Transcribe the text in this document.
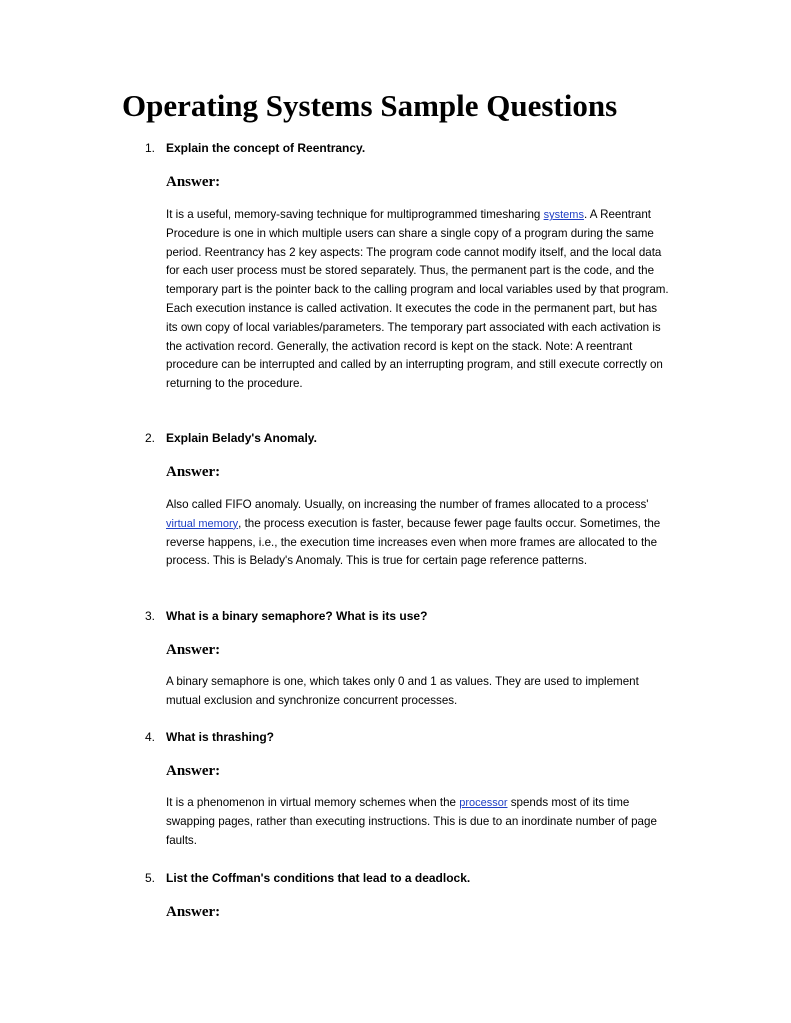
Operating Systems Sample Questions
1. Explain the concept of Reentrancy.
Answer:

It is a useful, memory-saving technique for multiprogrammed timesharing systems. A Reentrant Procedure is one in which multiple users can share a single copy of a program during the same period. Reentrancy has 2 key aspects: The program code cannot modify itself, and the local data for each user process must be stored separately. Thus, the permanent part is the code, and the temporary part is the pointer back to the calling program and local variables used by that program. Each execution instance is called activation. It executes the code in the permanent part, but has its own copy of local variables/parameters. The temporary part associated with each activation is the activation record. Generally, the activation record is kept on the stack. Note: A reentrant procedure can be interrupted and called by an interrupting program, and still execute correctly on returning to the procedure.

2. Explain Belady's Anomaly.
Answer:

Also called FIFO anomaly. Usually, on increasing the number of frames allocated to a process' virtual memory, the process execution is faster, because fewer page faults occur. Sometimes, the reverse happens, i.e., the execution time increases even when more frames are allocated to the process. This is Belady's Anomaly. This is true for certain page reference patterns.

3. What is a binary semaphore? What is its use?
Answer:

A binary semaphore is one, which takes only 0 and 1 as values. They are used to implement mutual exclusion and synchronize concurrent processes.

4. What is thrashing?
Answer:

It is a phenomenon in virtual memory schemes when the processor spends most of its time swapping pages, rather than executing instructions. This is due to an inordinate number of page faults.

5. List the Coffman's conditions that lead to a deadlock.
Answer:
